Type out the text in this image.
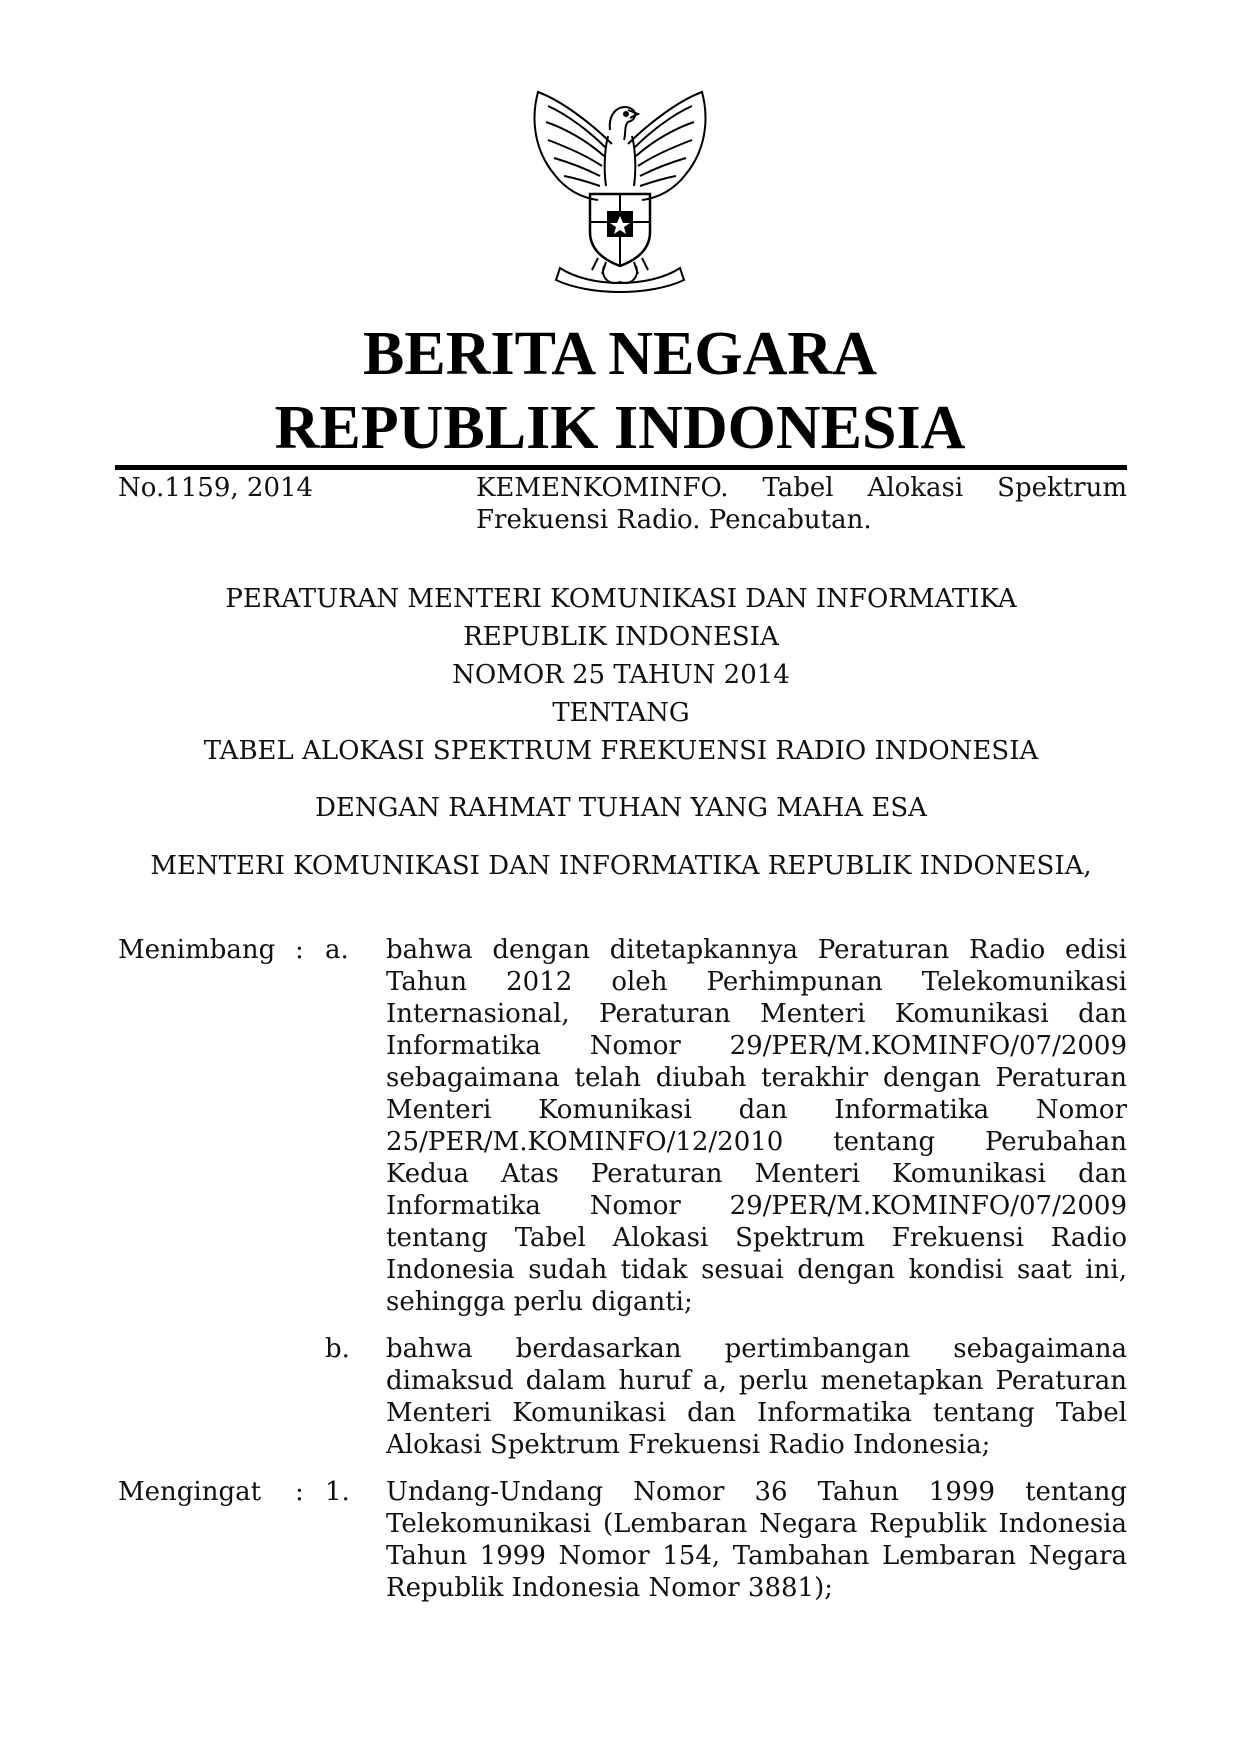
BERITA NEGARA
REPUBLIK INDONESIA
No.1159, 2014	KEMENKOMINFO. Tabel Alokasi Spektrum
Frekuensi Radio. Pencabutan.
PERATURAN MENTERI KOMUNIKASI DAN INFORMATIKA
REPUBLIK INDONESIA
NOMOR 25 TAHUN 2014
TENTANG
TABEL ALOKASI SPEKTRUM FREKUENSI RADIO INDONESIA
DENGAN RAHMAT TUHAN YANG MAHA ESA
MENTERI KOMUNIKASI DAN INFORMATIKA REPUBLIK INDONESIA,
Menimbang : a. bahwa dengan ditetapkannya Peraturan Radio edisi Tahun 2012 oleh Perhimpunan Telekomunikasi Internasional, Peraturan Menteri Komunikasi dan Informatika Nomor 29/PER/M.KOMINFO/07/2009 sebagaimana telah diubah terakhir dengan Peraturan Menteri Komunikasi dan Informatika Nomor 25/PER/M.KOMINFO/12/2010 tentang Perubahan Kedua Atas Peraturan Menteri Komunikasi dan Informatika Nomor 29/PER/M.KOMINFO/07/2009 tentang Tabel Alokasi Spektrum Frekuensi Radio Indonesia sudah tidak sesuai dengan kondisi saat ini, sehingga perlu diganti;
b. bahwa berdasarkan pertimbangan sebagaimana dimaksud dalam huruf a, perlu menetapkan Peraturan Menteri Komunikasi dan Informatika tentang Tabel Alokasi Spektrum Frekuensi Radio Indonesia;
Mengingat : 1. Undang-Undang Nomor 36 Tahun 1999 tentang Telekomunikasi (Lembaran Negara Republik Indonesia Tahun 1999 Nomor 154, Tambahan Lembaran Negara Republik Indonesia Nomor 3881);
